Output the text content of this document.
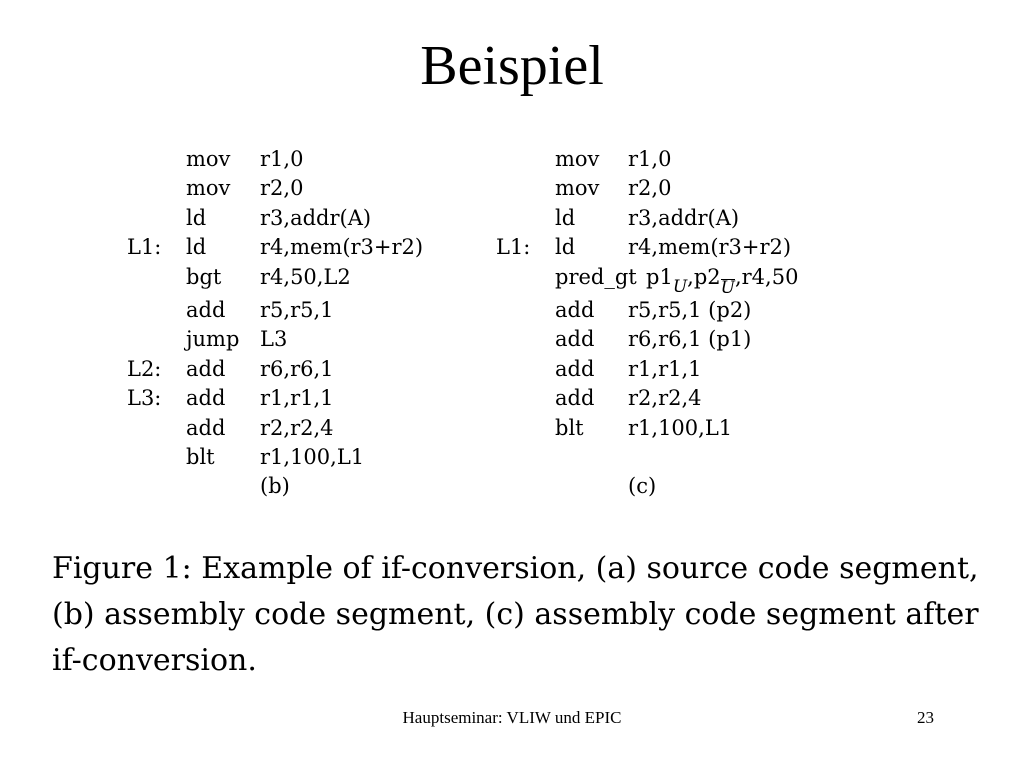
Beispiel
mov r1,0
mov r2,0
ld	r3,addr(A)
L1: ld	r4,mem(r3+r2)
bgt r4,50,L2
add r5,r5,1
jump L3
L2: add r6,r6,1
L3: add r1,r1,1
add r2,r2,4
blt r1,100,L1
(b)
mov r1,0
mov r2,0
ld	r3,addr(A)
L1: ld	r4,mem(r3+r2)
pred_gt $p1_U,p2U,r4,50$
add r5,r5,1 (p2)
add r6,r6,1 (p1)
add r1,r1,1
add r2,r2,4
blt r1,100,L1
(c)
Figure 1: Example of if-conversion, (a) source code segment,
(b) assembly code segment, (c) assembly code segment after
if-conversion.
Hauptseminar: VLIW und EPIC	23
